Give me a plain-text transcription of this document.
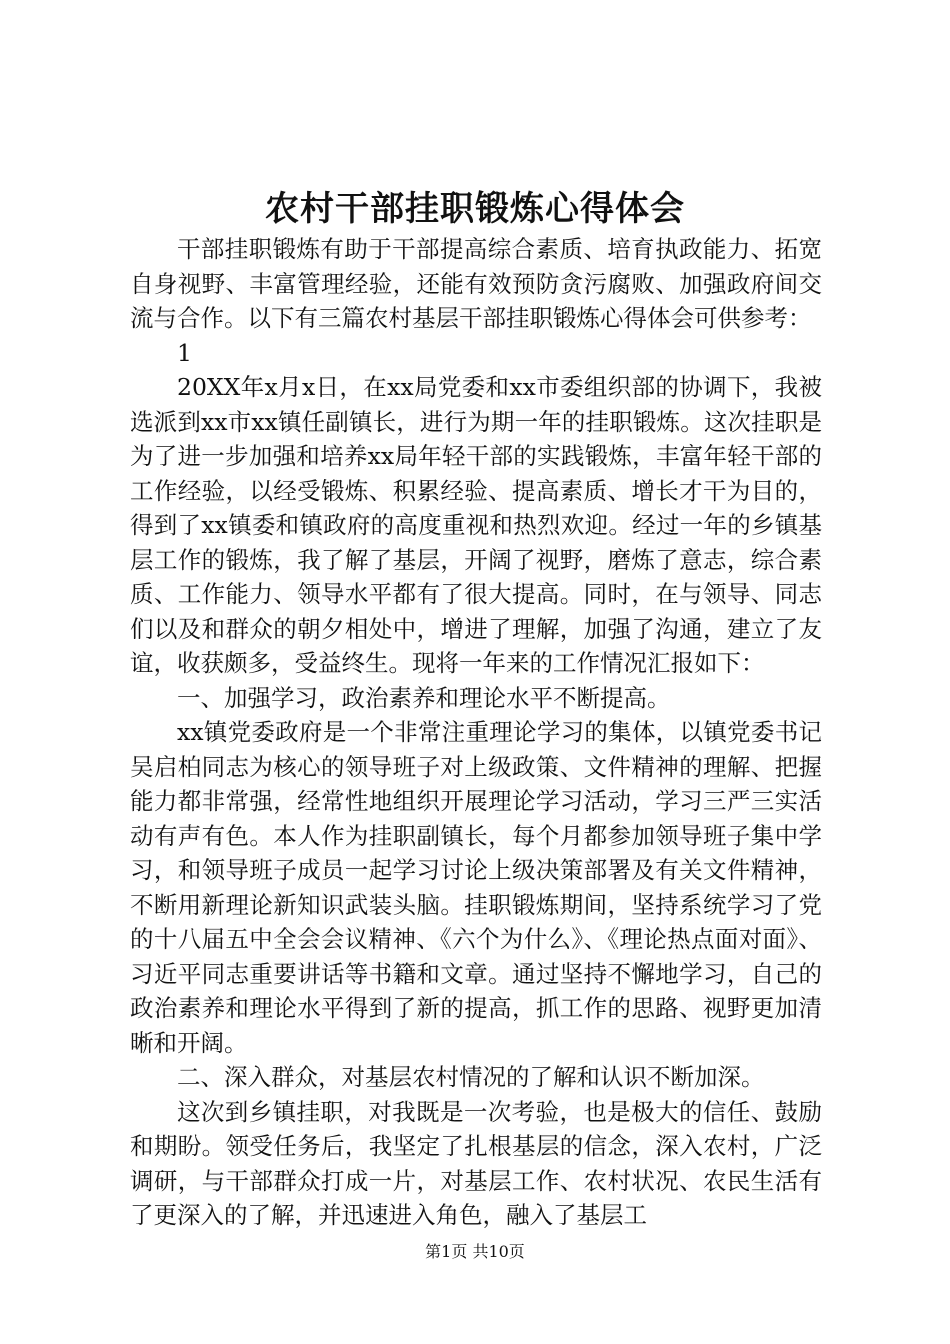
农村干部挂职锻炼心得体会

干部挂职锻炼有助于干部提高综合素质、培育执政能力、拓宽自身视野、丰富管理经验，还能有效预防贪污腐败、加强政府间交流与合作。以下有三篇农村基层干部挂职锻炼心得体会可供参考：

1

20XX年x月x日，在xx局党委和xx市委组织部的协调下，我被选派到xx市xx镇任副镇长，进行为期一年的挂职锻炼。这次挂职是为了进一步加强和培养xx局年轻干部的实践锻炼，丰富年轻干部的工作经验，以经受锻炼、积累经验、提高素质、增长才干为目的，得到了xx镇委和镇政府的高度重视和热烈欢迎。经过一年的乡镇基层工作的锻炼，我了解了基层，开阔了视野，磨炼了意志，综合素质、工作能力、领导水平都有了很大提高。同时，在与领导、同志们以及和群众的朝夕相处中，增进了理解，加强了沟通，建立了友谊，收获颇多，受益终生。现将一年来的工作情况汇报如下：

一、加强学习，政治素养和理论水平不断提高。

xx镇党委政府是一个非常注重理论学习的集体，以镇党委书记吴启柏同志为核心的领导班子对上级政策、文件精神的理解、把握能力都非常强，经常性地组织开展理论学习活动，学习三严三实活动有声有色。本人作为挂职副镇长，每个月都参加领导班子集中学习，和领导班子成员一起学习讨论上级决策部署及有关文件精神，不断用新理论新知识武装头脑。挂职锻炼期间，坚持系统学习了党的十八届五中全会会议精神、《六个为什么》、《理论热点面对面》、习近平同志重要讲话等书籍和文章。通过坚持不懈地学习，自己的政治素养和理论水平得到了新的提高，抓工作的思路、视野更加清晰和开阔。

二、深入群众，对基层农村情况的了解和认识不断加深。

这次到乡镇挂职，对我既是一次考验，也是极大的信任、鼓励和期盼。领受任务后，我坚定了扎根基层的信念，深入农村，广泛调研，与干部群众打成一片，对基层工作、农村状况、农民生活有了更深入的了解，并迅速进入角色，融入了基层工

第1页 共10页
